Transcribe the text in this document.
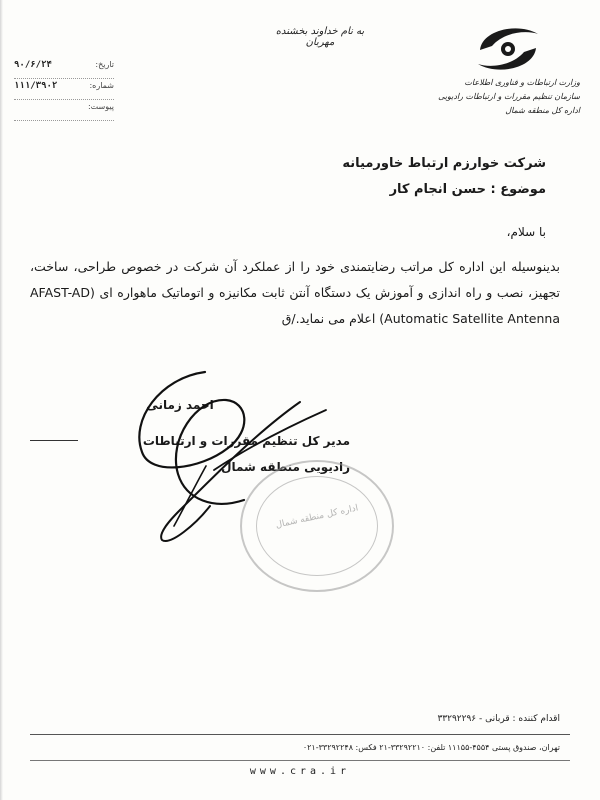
به نام خداوند بخشنده مهربان
وزارت ارتباطات و فناوری اطلاعات
سازمان تنظیم مقررات و ارتباطات رادیویی
اداره کل منطقه شمال
تاریخ:
۹۰/۶/۲۴
شماره:
۱۱۱/۳۹۰۲
پیوست:
شرکت خوارزم ارتباط خاورمیانه
موضوع : حسن انجام کار
با سلام،

بدینوسیله این اداره کل مراتب رضایتمندی خود را از عملکرد آن شرکت در خصوص طراحی، ساخت، تجهیز، نصب و راه اندازی و آموزش یک دستگاه آنتن ثابت مکانیزه و اتوماتیک ماهواره ای (AFAST-AD Automatic Satellite Antenna) اعلام می نماید./ق

احمد زمانی
مدیر کل تنظیم مقررات و ارتباطات
رادیویی منطقه شمال
اداره کل منطقه شمال
اقدام کننده : قربانی - ۳۳۲۹۲۲۹۶
تهران، صندوق پستی ۴۵۵۴-۱۱۱۵۵ تلفن: ۳۳۲۹۲۲۱۰-۲۱ فکس: ۳۳۲۹۲۲۴۸-۰۲۱
www.cra.ir
